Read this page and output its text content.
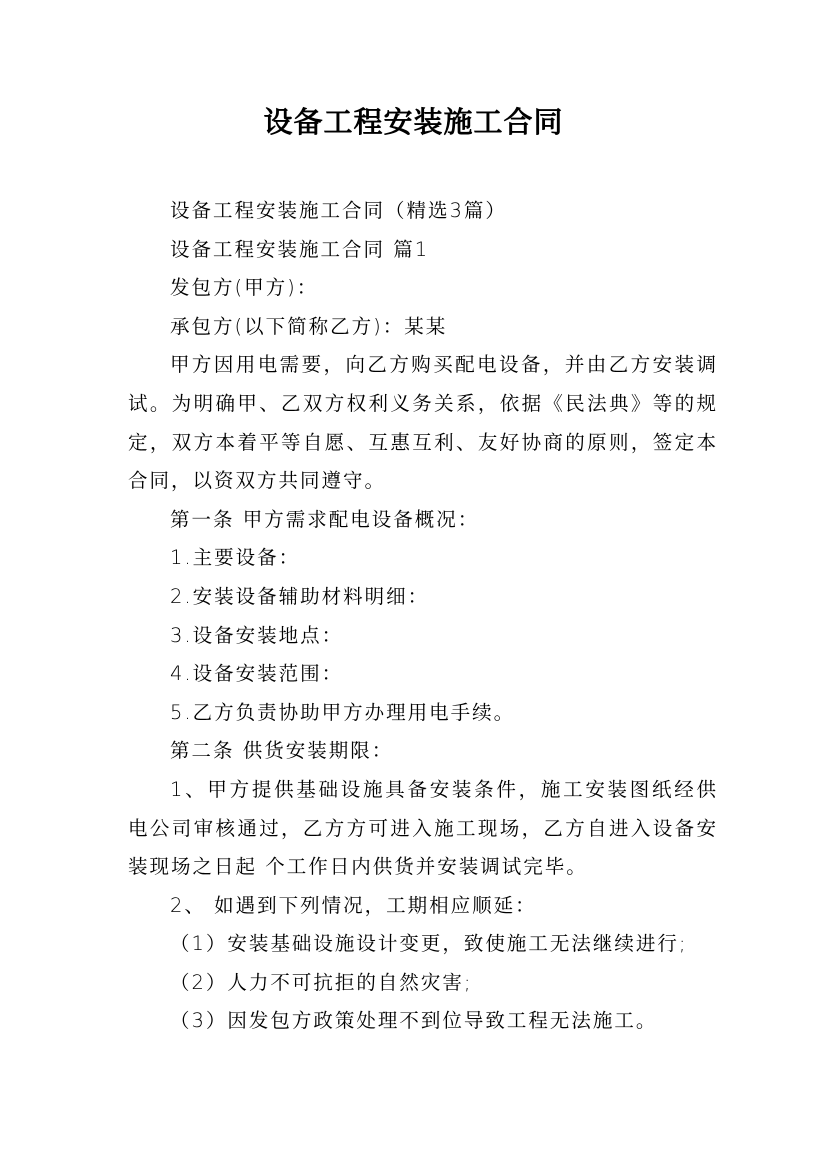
设备工程安装施工合同

设备工程安装施工合同（精选3篇）

设备工程安装施工合同 篇1

发包方(甲方)：

承包方(以下简称乙方)：某某

甲方因用电需要，向乙方购买配电设备，并由乙方安装调试。为明确甲、乙双方权利义务关系，依据《民法典》等的规定，双方本着平等自愿、互惠互利、友好协商的原则，签定本合同，以资双方共同遵守。

第一条 甲方需求配电设备概况：

1.主要设备：

2.安装设备辅助材料明细：

3.设备安装地点：

4.设备安装范围：

5.乙方负责协助甲方办理用电手续。

第二条 供货安装期限：

1、甲方提供基础设施具备安装条件，施工安装图纸经供电公司审核通过，乙方方可进入施工现场，乙方自进入设备安装现场之日起 个工作日内供货并安装调试完毕。

2、 如遇到下列情况，工期相应顺延：

（1）安装基础设施设计变更，致使施工无法继续进行;

（2）人力不可抗拒的自然灾害;

（3）因发包方政策处理不到位导致工程无法施工。
